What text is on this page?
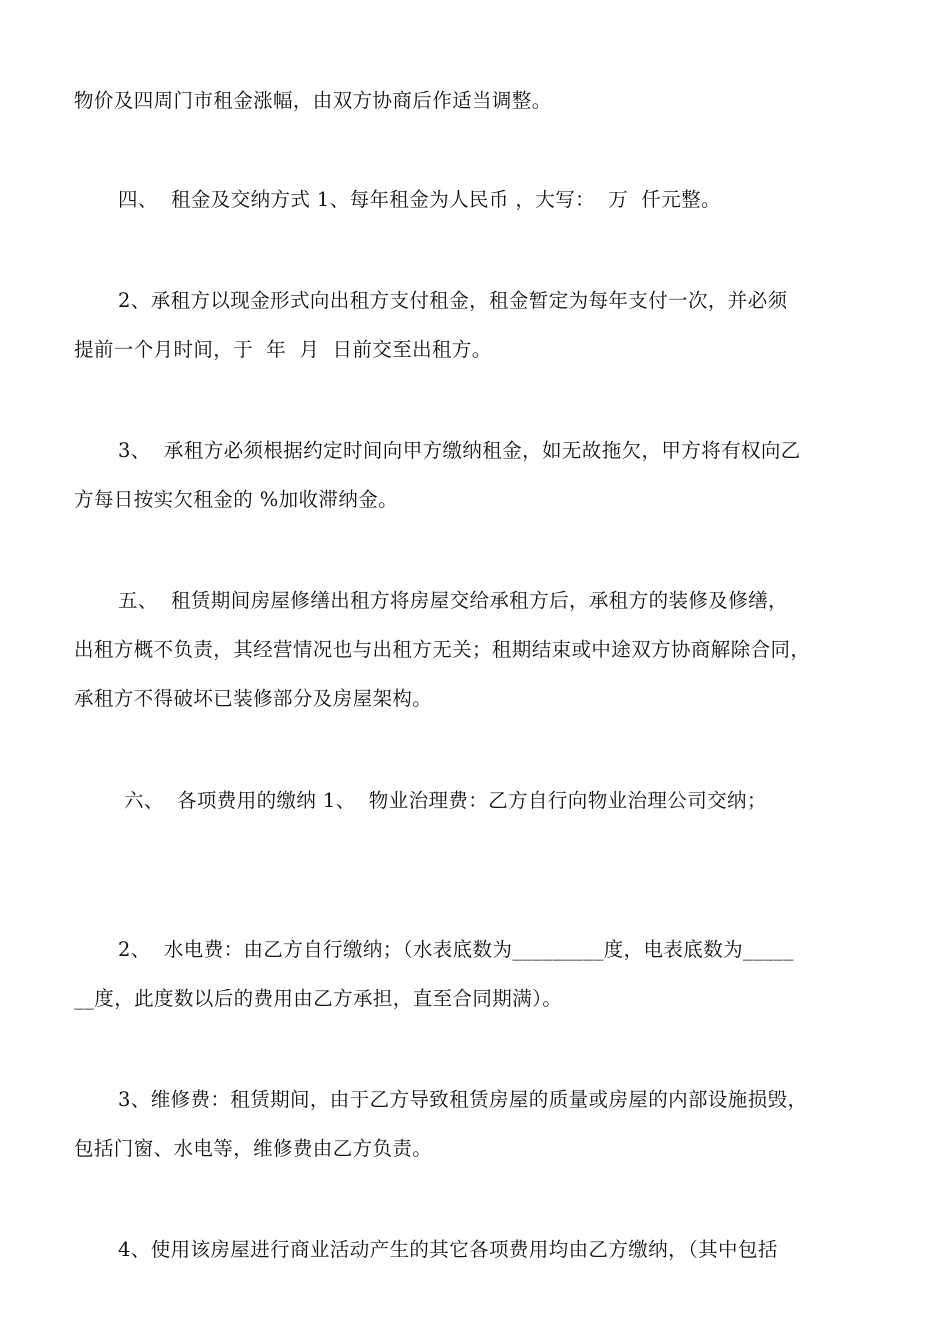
物价及四周门市租金涨幅，由双方协商后作适当调整。
四、  租金及交纳方式 1、每年租金为人民币 ，大写：  万  仟元整。
2、承租方以现金形式向出租方支付租金，租金暂定为每年支付一次，并必须
提前一个月时间，于  年  月  日前交至出租方。
3、  承租方必须根据约定时间向甲方缴纳租金，如无故拖欠，甲方将有权向乙
方每日按实欠租金的 %加收滞纳金。
五、  租赁期间房屋修缮出租方将房屋交给承租方后，承租方的装修及修缮，
出租方概不负责，其经营情况也与出租方无关；租期结束或中途双方协商解除合同，
承租方不得破坏已装修部分及房屋架构。
六、  各项费用的缴纳 1、  物业治理费：乙方自行向物业治理公司交纳；
2、  水电费：由乙方自行缴纳；（水表底数为_________度，电表底数为_____
__度，此度数以后的费用由乙方承担，直至合同期满）。
3、维修费：租赁期间，由于乙方导致租赁房屋的质量或房屋的内部设施损毁，
包括门窗、水电等，维修费由乙方负责。
4、使用该房屋进行商业活动产生的其它各项费用均由乙方缴纳，（其中包括
